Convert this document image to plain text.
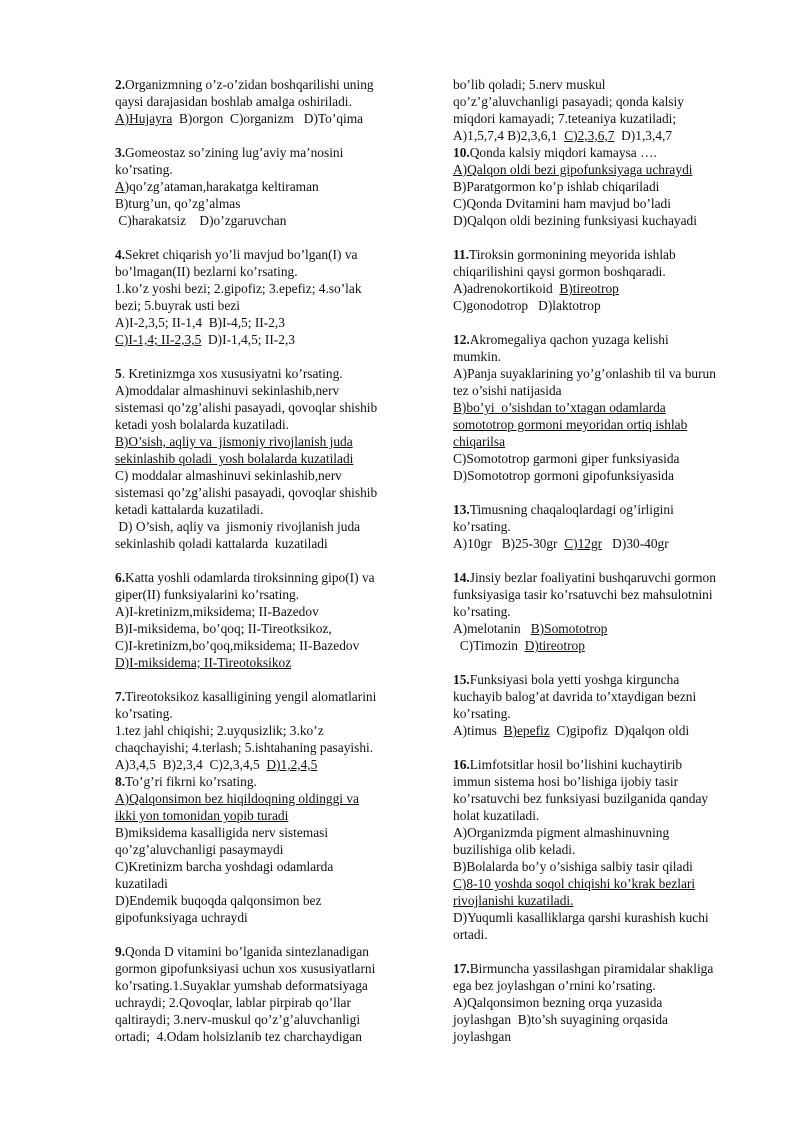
2.Organizmning o’z-o’zidan boshqarilishi uning
qaysi darajasidan boshlab amalga oshiriladi.
A)Hujayra  B)orgon  C)organizm   D)To’qima
3.Gomeostaz so’zining lug’aviy ma’nosini
ko’rsating.
A)qo’zg’ataman,harakatga keltiraman
B)turg’un, qo’zg’almas
C)harakatsiz    D)o’zgaruvchan
4.Sekret chiqarish yo’li mavjud bo’lgan(I) va
bo’lmagan(II) bezlarni ko’rsating.
1.ko’z yoshi bezi; 2.gipofiz; 3.epefiz; 4.so’lak
bezi; 5.buyrak usti bezi
A)I-2,3,5; II-1,4  B)I-4,5; II-2,3
C)I-1,4; II-2,3,5  D)I-1,4,5; II-2,3
5. Kretinizmga xos xususiyatni ko’rsating.
A)moddalar almashinuvi sekinlashib,nerv
sistemasi qo’zg’alishi pasayadi, qovoqlar shishib
ketadi yosh bolalarda kuzatiladi.
B)O’sish, aqliy va  jismoniy rivojlanish juda
sekinlashib qoladi  yosh bolalarda kuzatiladi
C) moddalar almashinuvi sekinlashib,nerv
sistemasi qo’zg’alishi pasayadi, qovoqlar shishib
ketadi kattalarda kuzatiladi.
D) O’sish, aqliy va  jismoniy rivojlanish juda
sekinlashib qoladi kattalarda  kuzatiladi
6.Katta yoshli odamlarda tiroksinning gipo(I) va
giper(II) funksiyalarini ko’rsating.
A)I-kretinizm,miksidema; II-Bazedov
B)I-miksidema, bo’qoq; II-Tireotksikoz,
C)I-kretinizm,bo’qoq,miksidema; II-Bazedov
D)I-miksidema; II-Tireotoksikoz
7.Tireotoksikoz kasalligining yengil alomatlarini
ko’rsating.
1.tez jahl chiqishi; 2.uyqusizlik; 3.ko’z
chaqchayishi; 4.terlash; 5.ishtahaning pasayishi.
A)3,4,5  B)2,3,4  C)2,3,4,5  D)1,2,4,5
8.To’g’ri fikrni ko’rsating.
A)Qalqonsimon bez hiqildoqning oldinggi va
ikki yon tomonidan yopib turadi
B)miksidema kasalligida nerv sistemasi
qo’zg’aluvchanligi pasaymaydi
C)Kretinizm barcha yoshdagi odamlarda
kuzatiladi
D)Endemik buqoqda qalqonsimon bez
gipofunksiyaga uchraydi
9.Qonda D vitamini bo’lganida sintezlanadigan
gormon gipofunksiyasi uchun xos xususiyatlarni
ko’rsating.1.Suyaklar yumshab deformatsiyaga
uchraydi; 2.Qovoqlar, lablar pirpirab qo’llar
qaltiraydi; 3.nerv-muskul qo’z’g’aluvchanligi
ortadi;  4.Odam holsizlanib tez charchaydigan
bo’lib qoladi; 5.nerv muskul
qo’z’g’aluvchanligi pasayadi; qonda kalsiy
miqdori kamayadi; 7.teteaniya kuzatiladi;
A)1,5,7,4 B)2,3,6,1  C)2,3,6,7  D)1,3,4,7
10.Qonda kalsiy miqdori kamaysa ….
A)Qalqon oldi bezi gipofunksiyaga uchraydi
B)Paratgormon ko’p ishlab chiqariladi
C)Qonda Dvitamini ham mavjud bo’ladi
D)Qalqon oldi bezining funksiyasi kuchayadi
11.Tiroksin gormonining meyorida ishlab
chiqarilishini qaysi gormon boshqaradi.
A)adrenokortikoid  B)tireotrop
C)gonodotrop   D)laktotrop
12.Akromegaliya qachon yuzaga kelishi
mumkin.
A)Panja suyaklarining yo’g’onlashib til va burun
tez o’sishi natijasida
B)bo’yi  o’sishdan to’xtagan odamlarda
somototrop gormoni meyoridan ortiq ishlab
chiqarilsa
C)Somototrop garmoni giper funksiyasida
D)Somototrop gormoni gipofunksiyasida
13.Timusning chaqaloqlardagi og’irligini
ko’rsating.
A)10gr   B)25-30gr  C)12gr   D)30-40gr
14.Jinsiy bezlar foaliyatini bushqaruvchi gormon
funksiyasiga tasir ko’rsatuvchi bez mahsulotnini
ko’rsating.
A)melotanin   B)Somototrop
C)Timozin  D)tireotrop
15.Funksiyasi bola yetti yoshga kirguncha
kuchayib balog’at davrida to’xtaydigan bezni
ko’rsating.
A)timus  B)epefiz  C)gipofiz  D)qalqon oldi
16.Limfotsitlar hosil bo’lishini kuchaytirib
immun sistema hosi bo’lishiga ijobiy tasir
ko’rsatuvchi bez funksiyasi buzilganida qanday
holat kuzatiladi.
A)Organizmda pigment almashinuvning
buzilishiga olib keladi.
B)Bolalarda bo’y o’sishiga salbiy tasir qiladi
C)8-10 yoshda soqol chiqishi ko’krak bezlari
rivojlanishi kuzatiladi.
D)Yuqumli kasalliklarga qarshi kurashish kuchi
ortadi.
17.Birmuncha yassilashgan piramidalar shakliga
ega bez joylashgan o’rnini ko’rsating.
A)Qalqonsimon bezning orqa yuzasida
joylashgan  B)to’sh suyagining orqasida
joylashgan
